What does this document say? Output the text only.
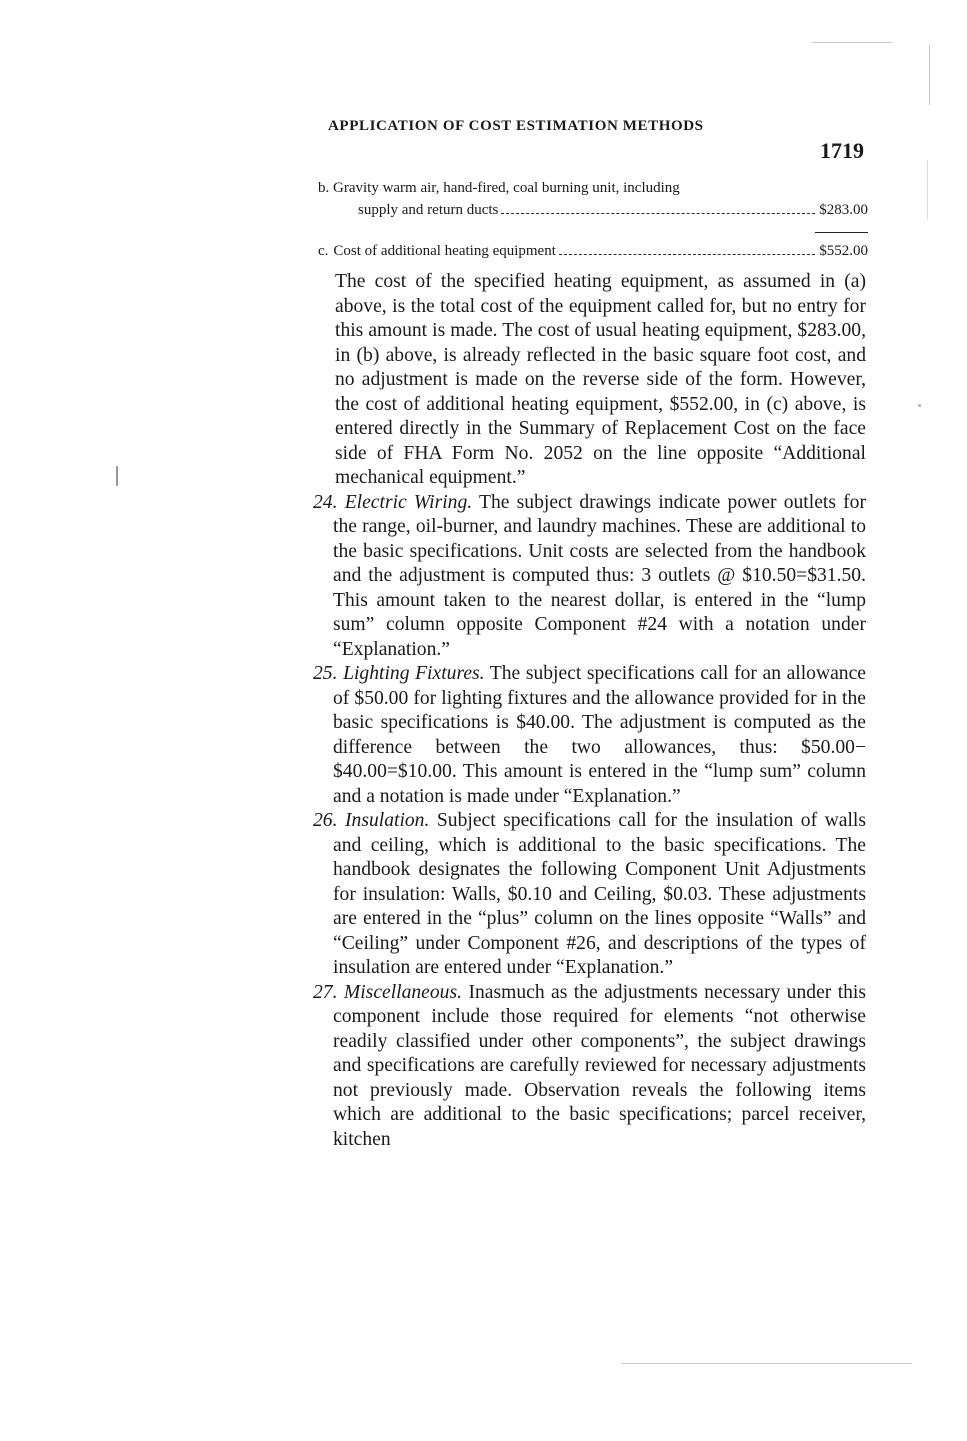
APPLICATION OF COST ESTIMATION METHODS
1719
b. Gravity warm air, hand-fired, coal burning unit, including
supply and return ducts	$283.00
c. Cost of additional heating equipment	$552.00

The cost of the specified heating equipment, as assumed in (a) above, is the total cost of the equipment called for, but no entry for this amount is made. The cost of usual heating equipment, $283.00, in (b) above, is already reflected in the basic square foot cost, and no adjustment is made on the reverse side of the form. However, the cost of additional heating equipment, $552.00, in (c) above, is entered directly in the Summary of Replacement Cost on the face side of FHA Form No. 2052 on the line opposite “Additional mechanical equipment.”

24. Electric Wiring. The subject drawings indicate power outlets for the range, oil-burner, and laundry machines. These are additional to the basic specifications. Unit costs are selected from the handbook and the adjustment is computed thus: 3 outlets @ $10.50=$31.50. This amount taken to the nearest dollar, is entered in the “lump sum” column opposite Component #24 with a notation under “Explanation.”

25. Lighting Fixtures. The subject specifications call for an allowance of $50.00 for lighting fixtures and the allowance provided for in the basic specifications is $40.00. The adjustment is computed as the difference between the two allowances, thus: $50.00−$40.00=$10.00. This amount is entered in the “lump sum” column and a notation is made under “Explanation.”

26. Insulation. Subject specifications call for the insulation of walls and ceiling, which is additional to the basic specifications. The handbook designates the following Component Unit Adjustments for insulation: Walls, $0.10 and Ceiling, $0.03. These adjustments are entered in the “plus” column on the lines opposite “Walls” and “Ceiling” under Component #26, and descriptions of the types of insulation are entered under “Explanation.”

27. Miscellaneous. Inasmuch as the adjustments necessary under this component include those required for elements “not otherwise readily classified under other components”, the subject drawings and specifications are carefully reviewed for necessary adjustments not previously made. Observation reveals the following items which are additional to the basic specifications; parcel receiver, kitchen
